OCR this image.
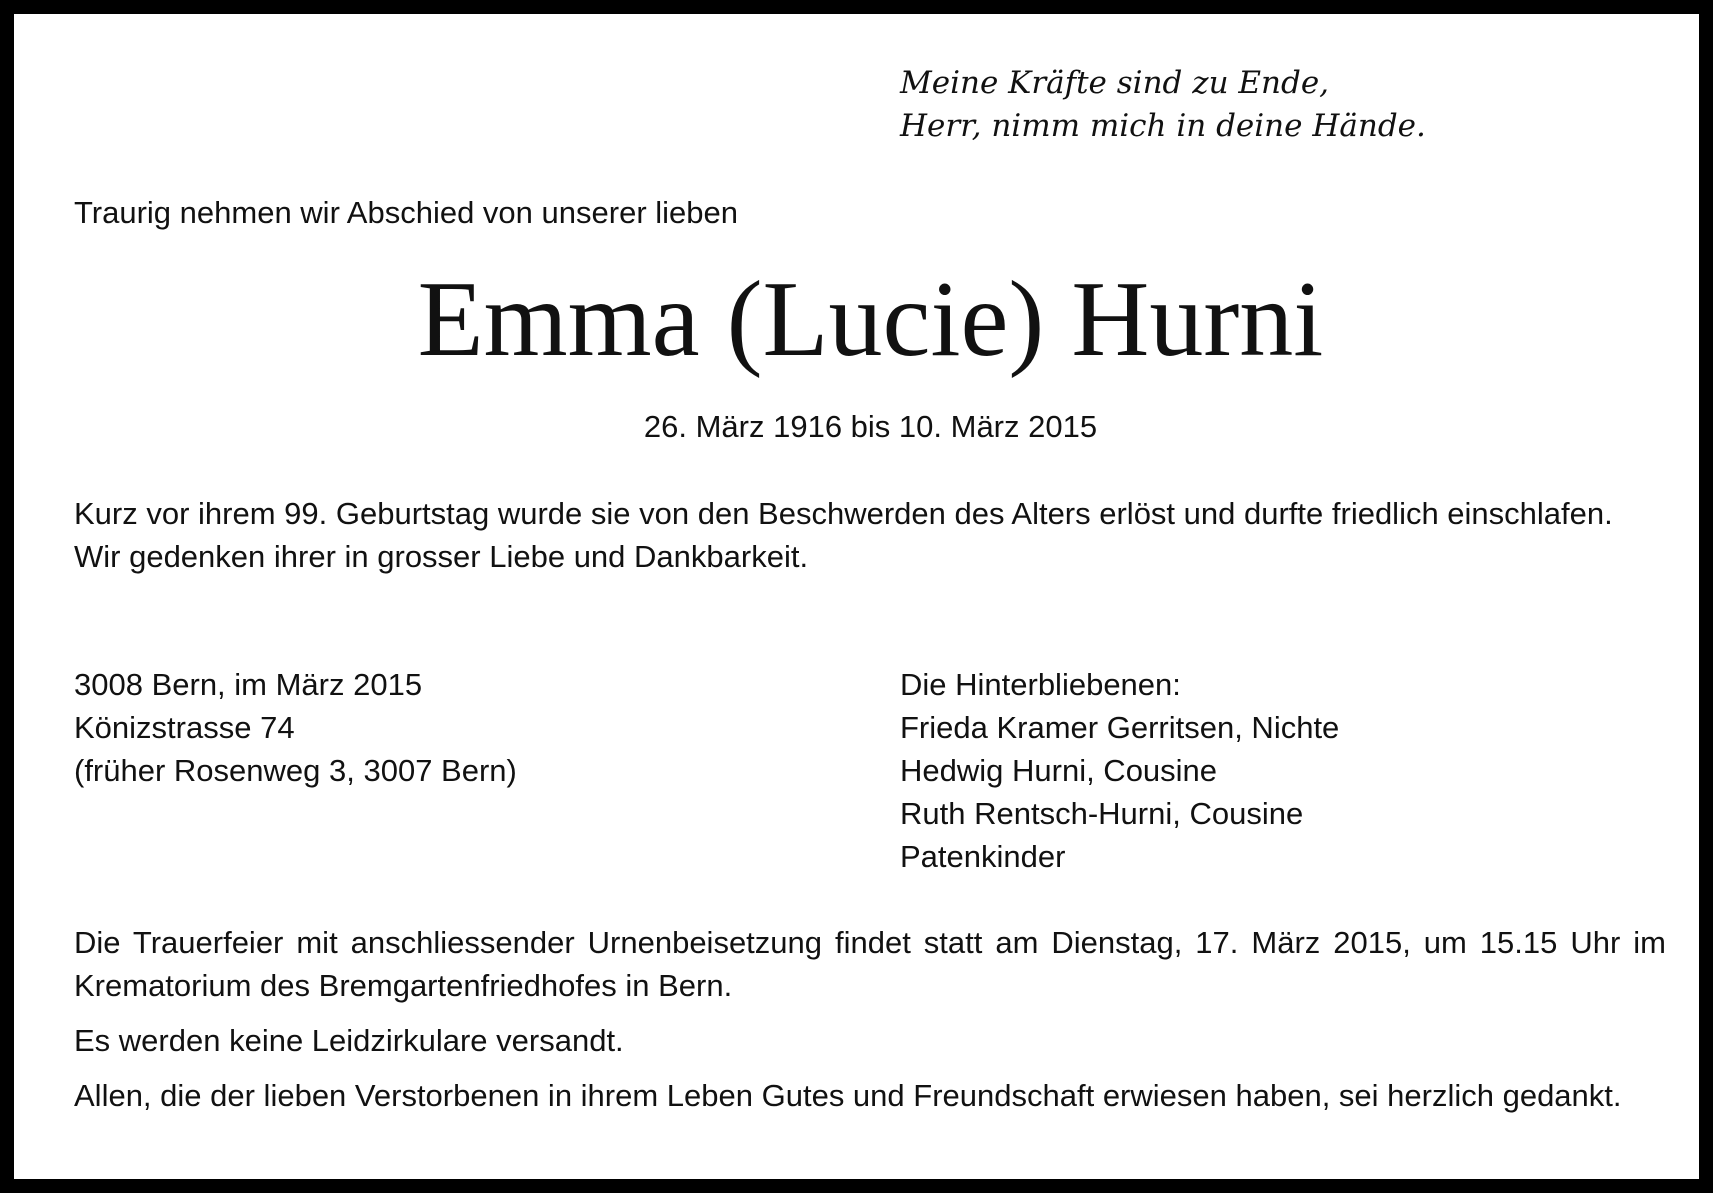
Meine Kräfte sind zu Ende,
Herr, nimm mich in deine Hände.
Traurig nehmen wir Abschied von unserer lieben
Emma (Lucie) Hurni
26. März 1916 bis 10. März 2015
Kurz vor ihrem 99. Geburtstag wurde sie von den Beschwerden des Alters erlöst und durfte friedlich einschlafen.
Wir gedenken ihrer in grosser Liebe und Dankbarkeit.
3008 Bern, im März 2015
Könizstrasse 74
(früher Rosenweg 3, 3007 Bern)
Die Hinterbliebenen:
Frieda Kramer Gerritsen, Nichte
Hedwig Hurni, Cousine
Ruth Rentsch-Hurni, Cousine
Patenkinder
Die Trauerfeier mit anschliessender Urnenbeisetzung findet statt am Dienstag, 17. März 2015, um 15.15 Uhr im Krematorium des Bremgartenfriedhofes in Bern.
Es werden keine Leidzirkulare versandt.
Allen, die der lieben Verstorbenen in ihrem Leben Gutes und Freundschaft erwiesen haben, sei herzlich gedankt.
